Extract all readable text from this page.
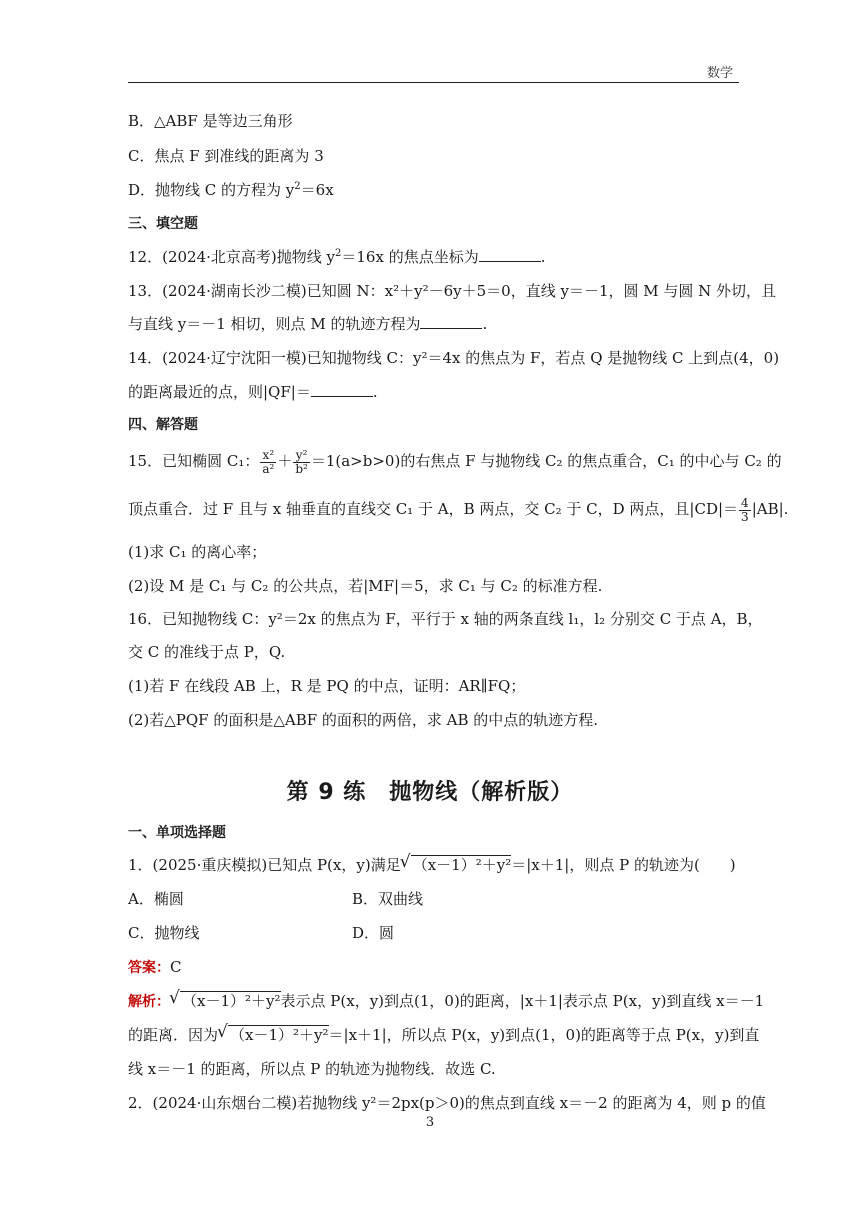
数学
B．△ABF 是等边三角形
C．焦点 F 到准线的距离为 3
D．抛物线 C 的方程为 $y^2=6x$
三、填空题
12．(2024·北京高考)抛物线 $y^2=16x$ 的焦点坐标为	.
13．(2024·湖南长沙二模)已知圆 N：x²＋y²－6y＋5＝0，直线 y＝－1，圆 M 与圆 N 外切，且
与直线 y＝－1 相切，则点 M 的轨迹方程为	.
14．(2024·辽宁沈阳一模)已知抛物线 C：y²＝4x 的焦点为 F，若点 Q 是抛物线 C 上到点(4，0)
的距离最近的点，则|QF|＝	.
四、解答题
15．已知椭圆 C₁： $\frac{\text{x²}}{\text{a²}} + \frac{\text{y²}}{\text{b²}} =1(a>b>0)$的右焦点 F 与抛物线 C₂ 的焦点重合，C₁ 的中心与 C₂ 的
顶点重合．过 F 且与 x 轴垂直的直线交 C₁ 于 A，B 两点，交 C₂ 于 C，D 两点，且$|CD|= \frac{4}{3} |AB|$.
(1)求 C₁ 的离心率；
(2)设 M 是 C₁ 与 C₂ 的公共点，若|MF|＝5，求 C₁ 与 C₂ 的标准方程.
16．已知抛物线 C：y²＝2x 的焦点为 F，平行于 x 轴的两条直线 l₁，l₂ 分别交 C 于点 A，B，
交 C 的准线于点 P，Q.
(1)若 F 在线段 AB 上，R 是 PQ 的中点，证明：AR∥FQ；
(2)若△PQF 的面积是△ABF 的面积的两倍，求 AB 的中点的轨迹方程.
第 9 练　抛物线（解析版）
一、单项选择题
1．(2025·重庆模拟)已知点 P(x，y)满足 √ （x－1）²＋y²＝|x＋1|，则点 P 的轨迹为(　　)
A．椭圆	B．双曲线
C．抛物线	D．圆
答案：C
解析： √ （x－1）²＋y²表示点 P(x，y)到点(1，0)的距离，|x＋1|表示点 P(x，y)到直线 x＝－1
的距离．因为 √ （x－1）²＋y²＝|x＋1|，所以点 P(x，y)到点(1，0)的距离等于点 P(x，y)到直
线 x＝－1 的距离，所以点 P 的轨迹为抛物线．故选 C.
2．(2024·山东烟台二模)若抛物线 y²＝2px(p＞0)的焦点到直线 x＝－2 的距离为 4，则 p 的值
3
